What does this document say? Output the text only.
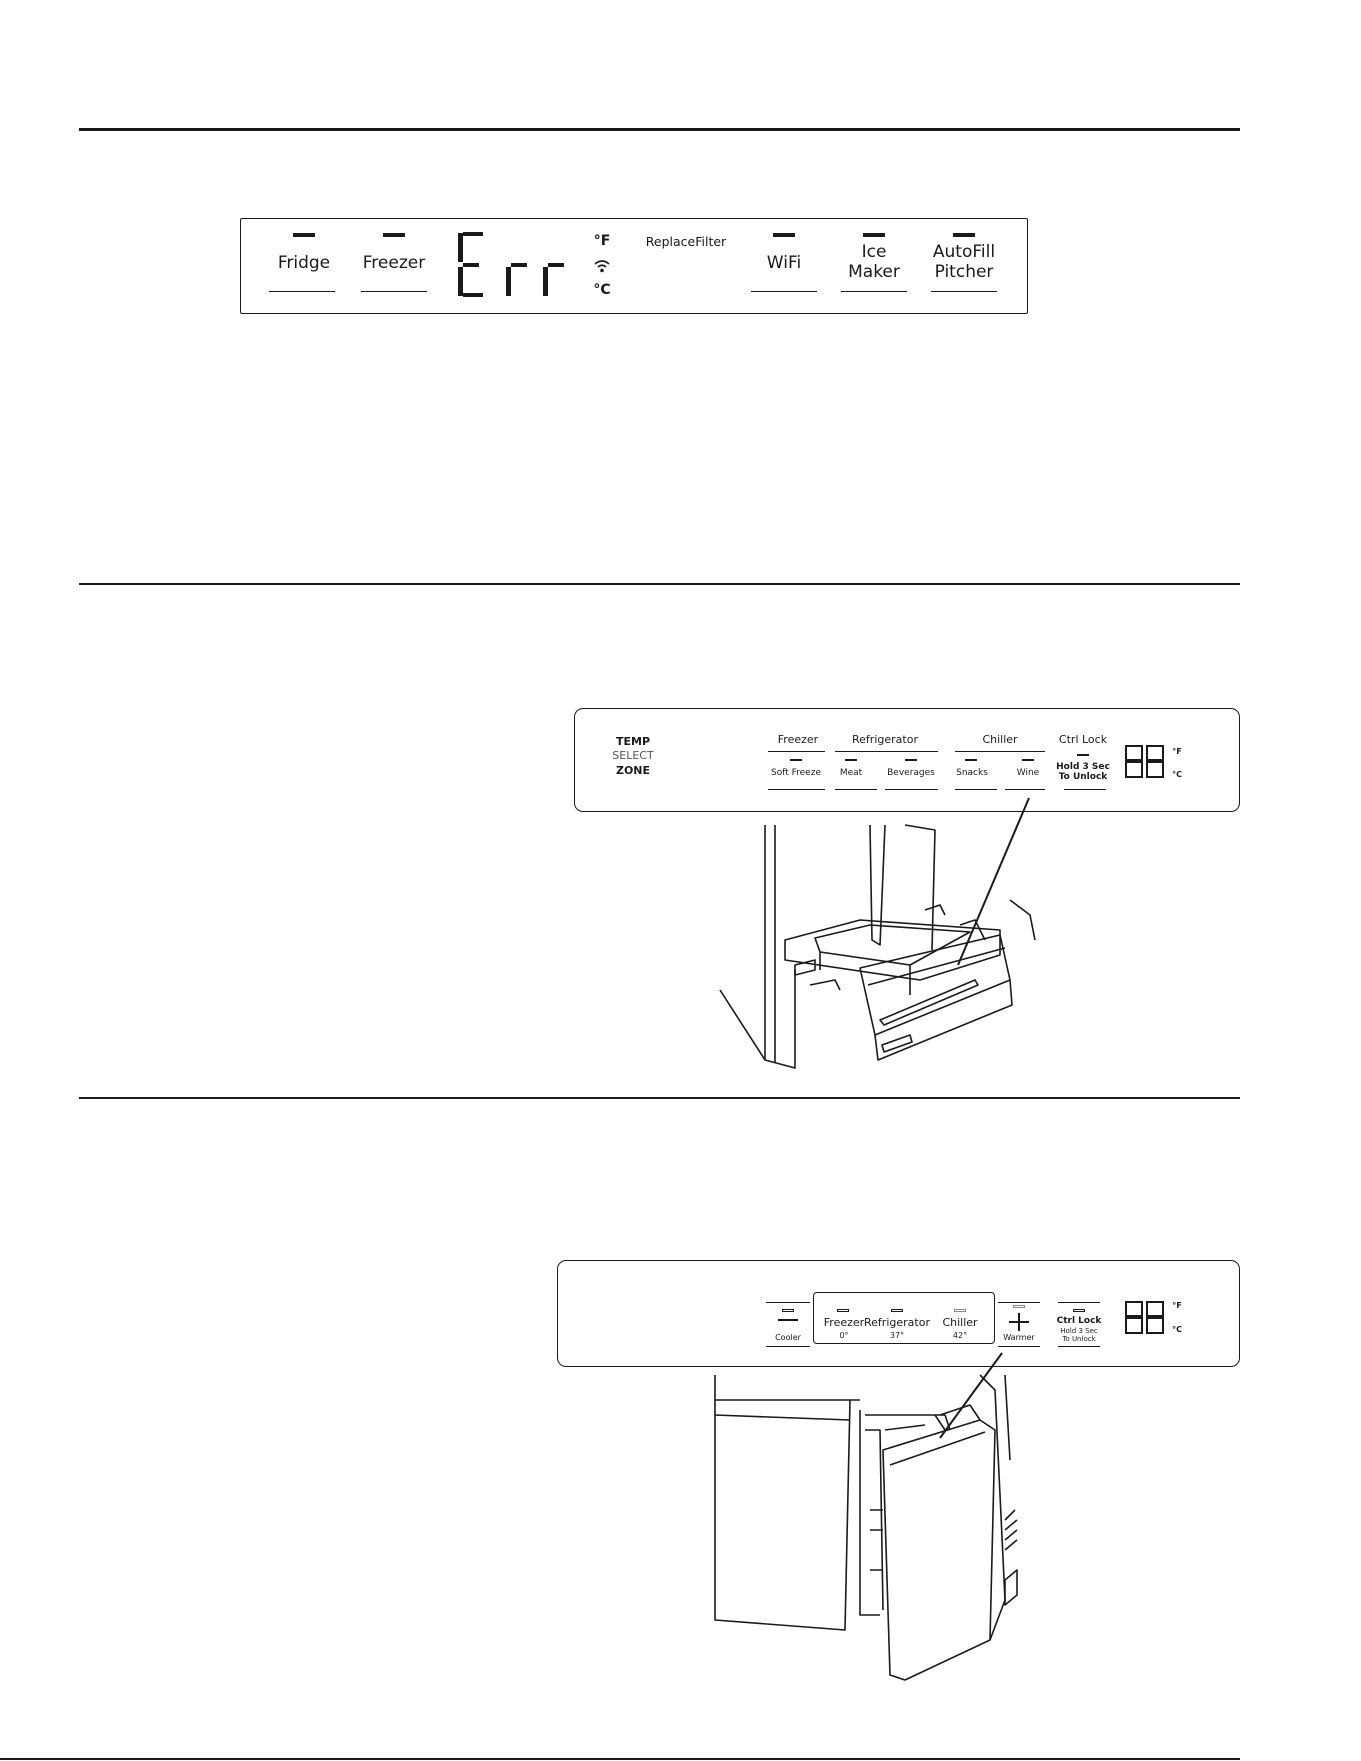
Fridge	Freezer
°F
°C
ReplaceFilter
WiFi
Ice
Maker
AutoFill
Pitcher
TEMP
SELECT
ZONE
Freezer	Refrigerator	Chiller	Ctrl Lock
Soft Freeze	Meat	Beverages	Snacks	Wine
Hold 3 Sec
To Unlock
°F
°C
Cooler
Freezer
0°
Refrigerator
37°
Chiller
42°	Warmer
Ctrl Lock
Hold 3 Sec
To Unlock
°F
°C
